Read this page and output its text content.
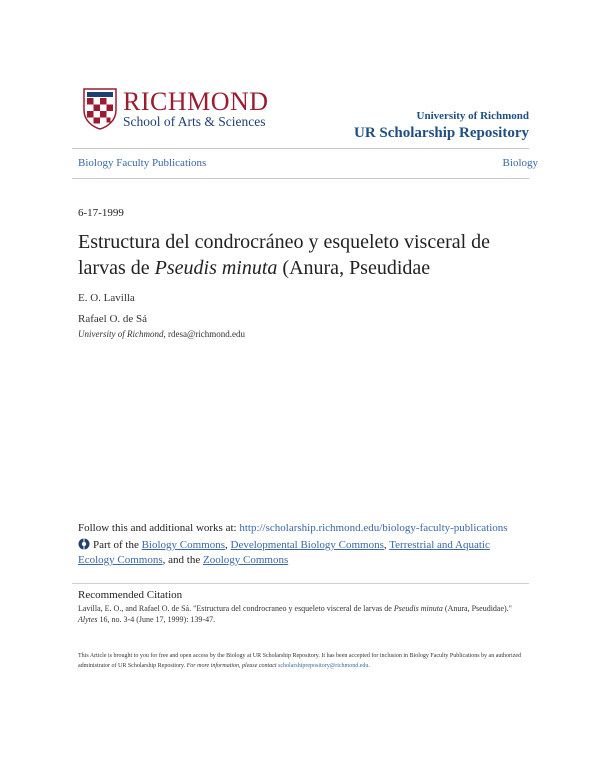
RICHMOND
School of Arts & Sciences	University of Richmond
UR Scholarship Repository
Biology Faculty Publications	Biology
6-17-1999
Estructura del condrocráneo y esqueleto visceral de larvas de Pseudis minuta (Anura, Pseudidae
E. O. Lavilla
Rafael O. de Sá
University of Richmond, rdesa@richmond.edu
Follow this and additional works at: http://scholarship.richmond.edu/biology-faculty-publications
Part of the Biology Commons, Developmental Biology Commons, Terrestrial and Aquatic Ecology Commons, and the Zoology Commons
Recommended Citation
Lavilla, E. O., and Rafael O. de Sá. "Estructura del condrocraneo y esqueleto visceral de larvas de Pseudis minuta (Anura, Pseudidae)." Alytes 16, no. 3-4 (June 17, 1999): 139-47.
This Article is brought to you for free and open access by the Biology at UR Scholarship Repository. It has been accepted for inclusion in Biology Faculty Publications by an authorized administrator of UR Scholarship Repository. For more information, please contact scholarshiprepository@richmond.edu.
